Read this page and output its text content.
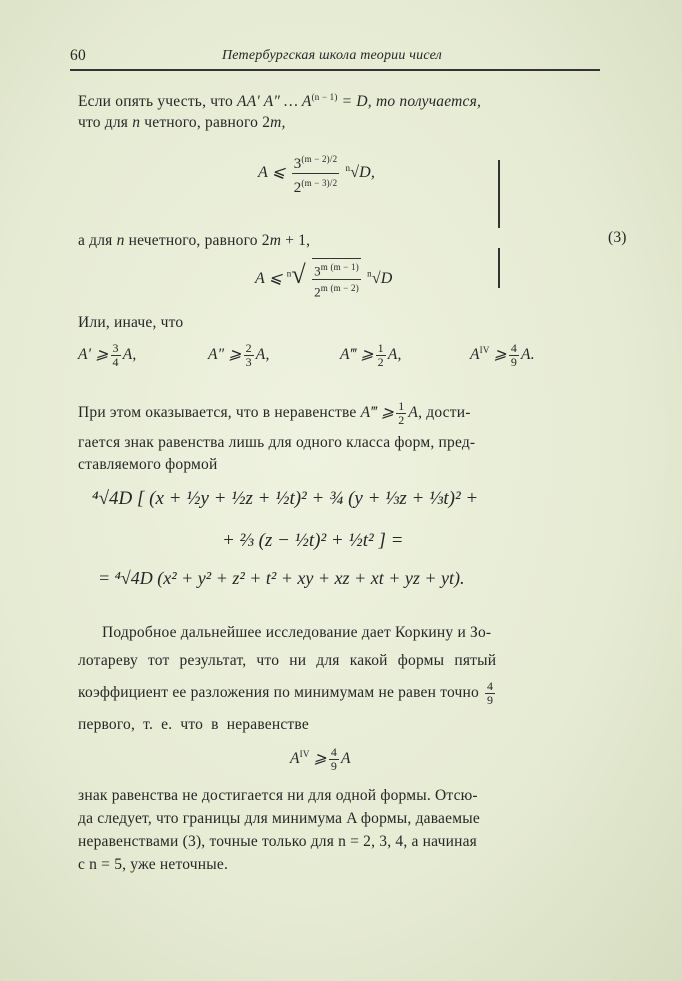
60	Петербургская школа теории чисел
Если опять учесть, что AA′ A″ … $A^{(n - 1)} = D$, то получается,
что для n четного, равного 2m,
A ⩽ $\frac{3^{(m - 2)/2}}{2^{(m - 3)/2}} ^n√D$,
а для n нечетного, равного 2m + 1,	(3)
A ⩽ $^n√ \frac{3^{m (m - 1)}}{2^{m (m - 2)}} ^n√D$
Или, иначе, что
A′ ⩾ $\frac{3}{4} A$,	A″ ⩾ $\frac{2}{3} A$,	A‴ ⩾ $\frac{1}{2} A$,	$A^{IV}$ ⩾ $\frac{4}{9} A$.
При этом оказывается, что в неравенстве A‴ ⩾ $\frac{1}{2} A$, дости-
гается знак равенства лишь для одного класса форм, пред-
ставляемого формой
⁴√4D [ (x + ½y + ½z + ½t)² + ¾ (y + ⅓z + ⅓t)² +
+ ⅔ (z − ½t)² + ½t² ] =
= ⁴√4D (x² + y² + z² + t² + xy + xz + xt + yz + yt).
Подробное дальнейшее исследование дает Коркину и Зо-
лотареву тот результат, что ни для какой формы пятый
коэффициент ее разложения по минимумам не равен точно $\frac{4}{9}$
первого, т. е. что в неравенстве
$A^{IV}$ ⩾ $\frac{4}{9}$ A
знак равенства не достигается ни для одной формы. Отсю-
да следует, что границы для минимума A формы, даваемые
неравенствами (3), точные только для n = 2, 3, 4, а начиная
с n = 5, уже неточные.
